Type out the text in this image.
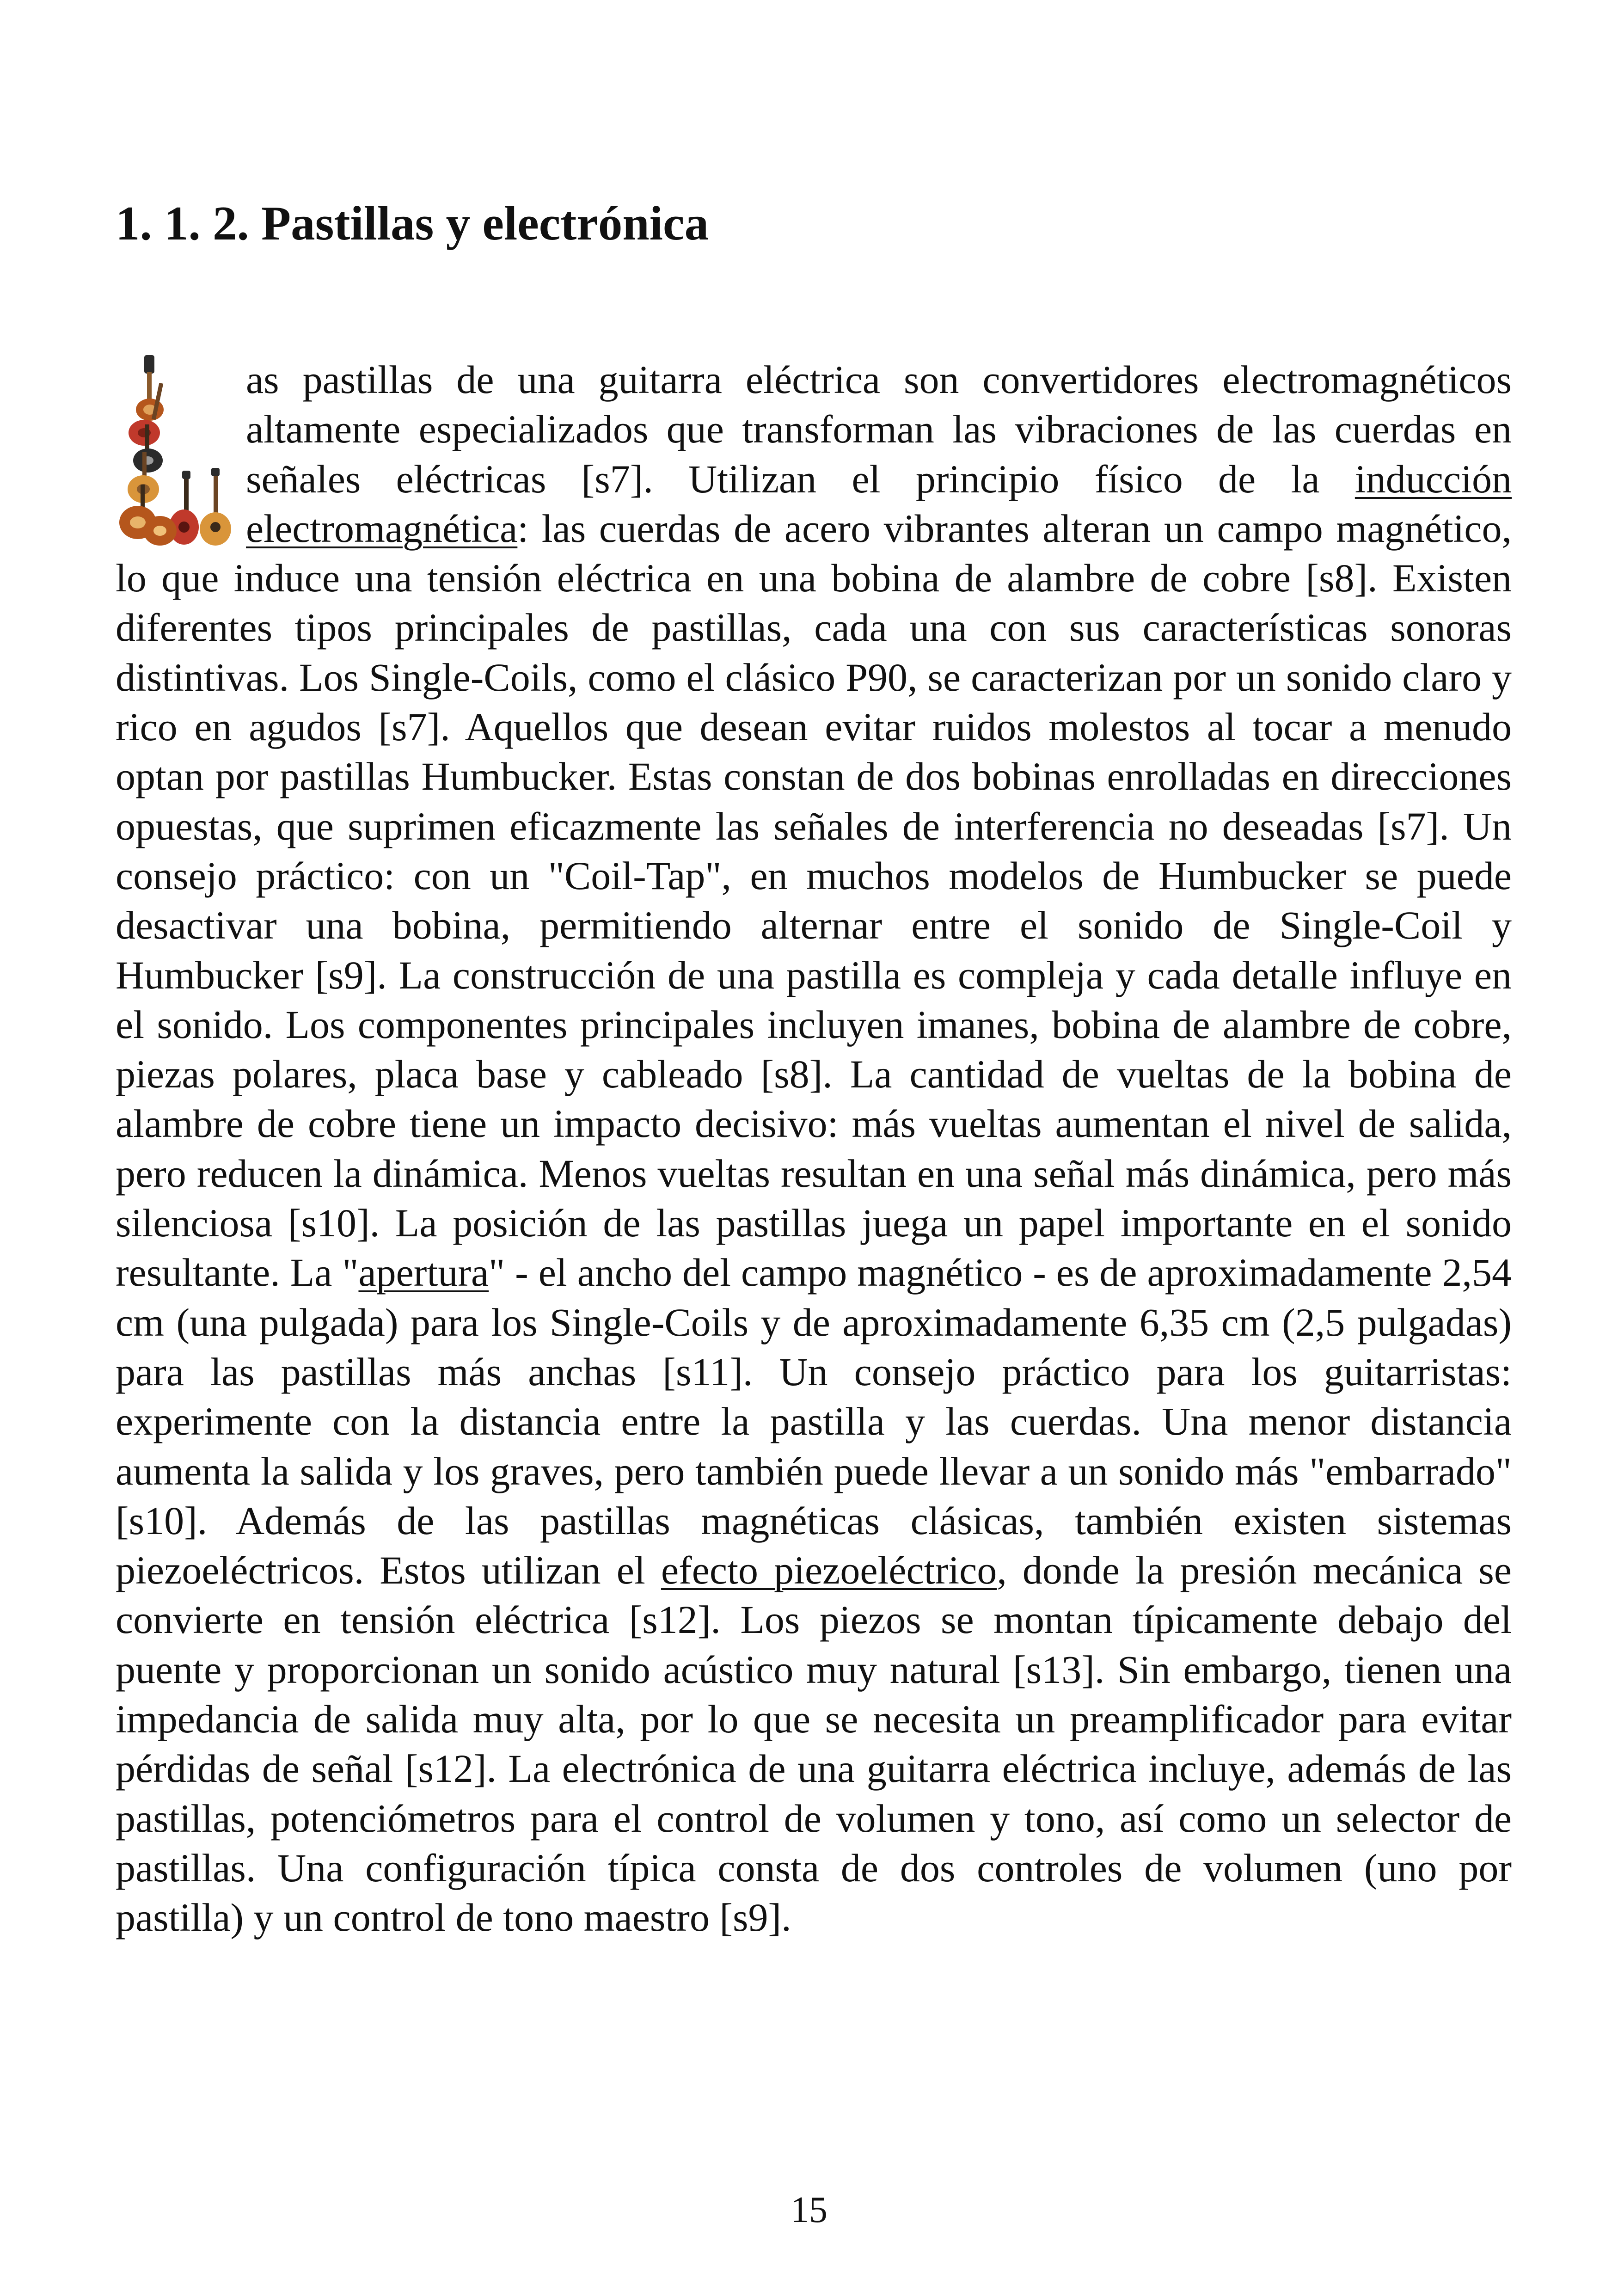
1. 1. 2. Pastillas y electrónica

as pastillas de una guitarra eléctrica son convertidores electromagnéticos altamente especializados que transforman las vibraciones de las cuerdas en señales eléctricas [s7]. Utilizan el principio físico de la inducción electromagnética: las cuerdas de acero vibrantes alteran un campo magnético, lo que induce una tensión eléctrica en una bobina de alambre de cobre [s8]. Existen diferentes tipos principales de pastillas, cada una con sus características sonoras distintivas. Los Single-Coils, como el clásico P90, se caracterizan por un sonido claro y rico en agudos [s7]. Aquellos que desean evitar ruidos molestos al tocar a menudo optan por pastillas Humbucker. Estas constan de dos bobinas enrolladas en direcciones opuestas, que suprimen eficazmente las señales de interferencia no deseadas [s7]. Un consejo práctico: con un "Coil-Tap", en muchos modelos de Humbucker se puede desactivar una bobina, permitiendo alternar entre el sonido de Single-Coil y Humbucker [s9]. La construcción de una pastilla es compleja y cada detalle influye en el sonido. Los componentes principales incluyen imanes, bobina de alambre de cobre, piezas polares, placa base y cableado [s8]. La cantidad de vueltas de la bobina de alambre de cobre tiene un impacto decisivo: más vueltas aumentan el nivel de salida, pero reducen la dinámica. Menos vueltas resultan en una señal más dinámica, pero más silenciosa [s10]. La posición de las pastillas juega un papel importante en el sonido resultante. La "apertura" - el ancho del campo magnético - es de aproximadamente 2,54 cm (una pulgada) para los Single-Coils y de aproximadamente 6,35 cm (2,5 pulgadas) para las pastillas más anchas [s11]. Un consejo práctico para los guitarristas: experimente con la distancia entre la pastilla y las cuerdas. Una menor distancia aumenta la salida y los graves, pero también puede llevar a un sonido más "embarrado" [s10]. Además de las pastillas magnéticas clásicas, también existen sistemas piezoeléctricos. Estos utilizan el efecto piezoeléctrico, donde la presión mecánica se convierte en tensión eléctrica [s12]. Los piezos se montan típicamente debajo del puente y proporcionan un sonido acústico muy natural [s13]. Sin embargo, tienen una impedancia de salida muy alta, por lo que se necesita un preamplificador para evitar pérdidas de señal [s12]. La electrónica de una guitarra eléctrica incluye, además de las pastillas, potenciómetros para el control de volumen y tono, así como un selector de pastillas. Una configuración típica consta de dos controles de volumen (uno por pastilla) y un control de tono maestro [s9].

15
